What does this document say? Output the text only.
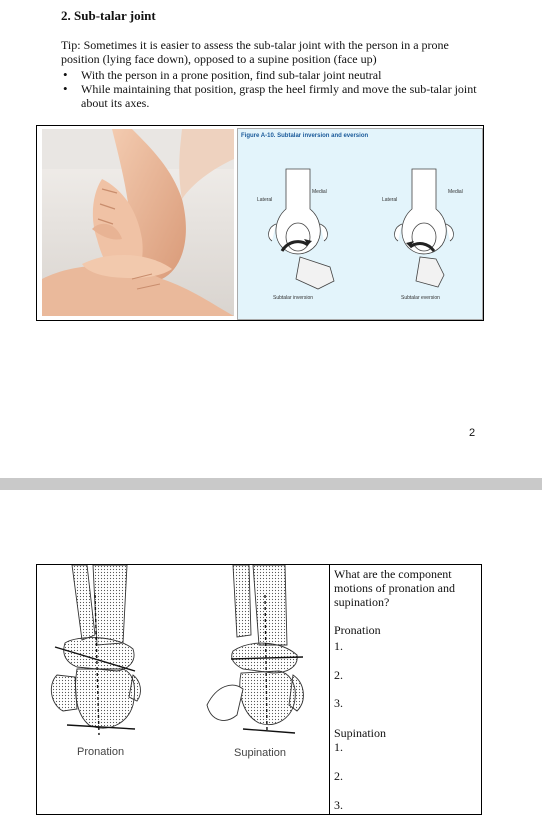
2. Sub-talar joint
Tip: Sometimes it is easier to assess the sub-talar joint with the person in a prone position (lying face down), opposed to a supine position (face up)
• With the person in a prone position, find sub-talar joint neutral
• While maintaining that position, grasp the heel firmly and move the sub-talar joint about its axes.
Figure A-10. Subtalar inversion and eversion
Lateral
Medial
Subtalar inversion
Lateral
Medial
Subtalar eversion
2
Pronation	Supination
What are the component motions of pronation and supination?
Pronation
1.
2.
3.
Supination
1.
2.
3.
